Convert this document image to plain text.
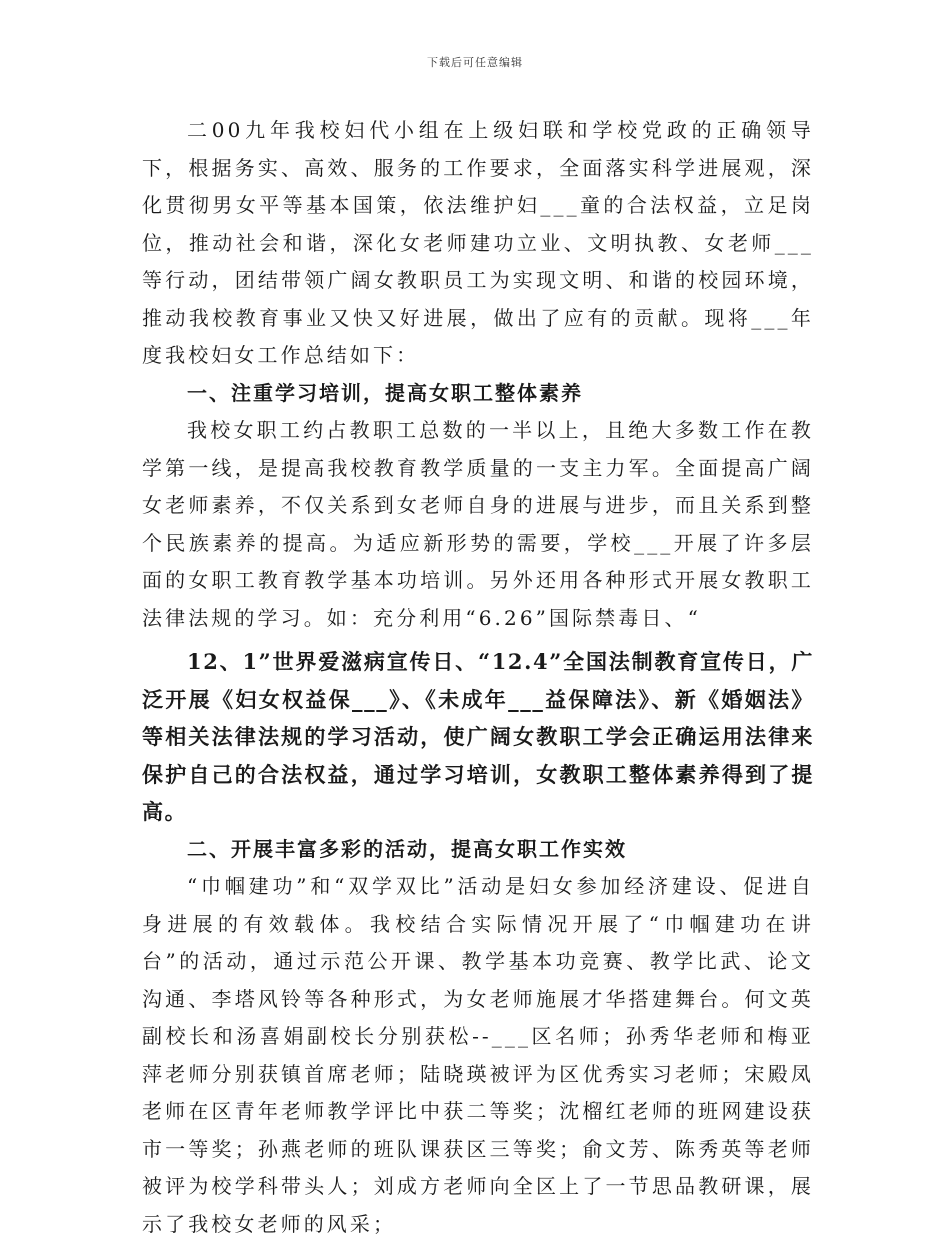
下载后可任意编辑

二00九年我校妇代小组在上级妇联和学校党政的正确领导下，根据务实、高效、服务的工作要求，全面落实科学进展观，深化贯彻男女平等基本国策，依法维护妇___童的合法权益，立足岗位，推动社会和谐，深化女老师建功立业、文明执教、女老师___等行动，团结带领广阔女教职员工为实现文明、和谐的校园环境，推动我校教育事业又快又好进展，做出了应有的贡献。现将___年度我校妇女工作总结如下：

一、注重学习培训，提高女职工整体素养

我校女职工约占教职工总数的一半以上，且绝大多数工作在教学第一线，是提高我校教育教学质量的一支主力军。全面提高广阔女老师素养，不仅关系到女老师自身的进展与进步，而且关系到整个民族素养的提高。为适应新形势的需要，学校___开展了许多层面的女职工教育教学基本功培训。另外还用各种形式开展女教职工法律法规的学习。如：充分利用“6.26”国际禁毒日、“

12、1”世界爱滋病宣传日、“12.4”全国法制教育宣传日，广泛开展《妇女权益保___》、《未成年___益保障法》、新《婚姻法》等相关法律法规的学习活动，使广阔女教职工学会正确运用法律来保护自己的合法权益，通过学习培训，女教职工整体素养得到了提高。

二、开展丰富多彩的活动，提高女职工作实效

“巾帼建功”和“双学双比”活动是妇女参加经济建设、促进自身进展的有效载体。我校结合实际情况开展了“巾帼建功在讲台”的活动，通过示范公开课、教学基本功竞赛、教学比武、论文沟通、李塔风铃等各种形式，为女老师施展才华搭建舞台。何文英副校长和汤喜娟副校长分别获松--___区名师；孙秀华老师和梅亚萍老师分别获镇首席老师；陆晓瑛被评为区优秀实习老师；宋殿凤老师在区青年老师教学评比中获二等奖；沈榴红老师的班网建设获市一等奖；孙燕老师的班队课获区三等奖；俞文芳、陈秀英等老师被评为校学科带头人；刘成方老师向全区上了一节思品教研课，展示了我校女老师的风采；
